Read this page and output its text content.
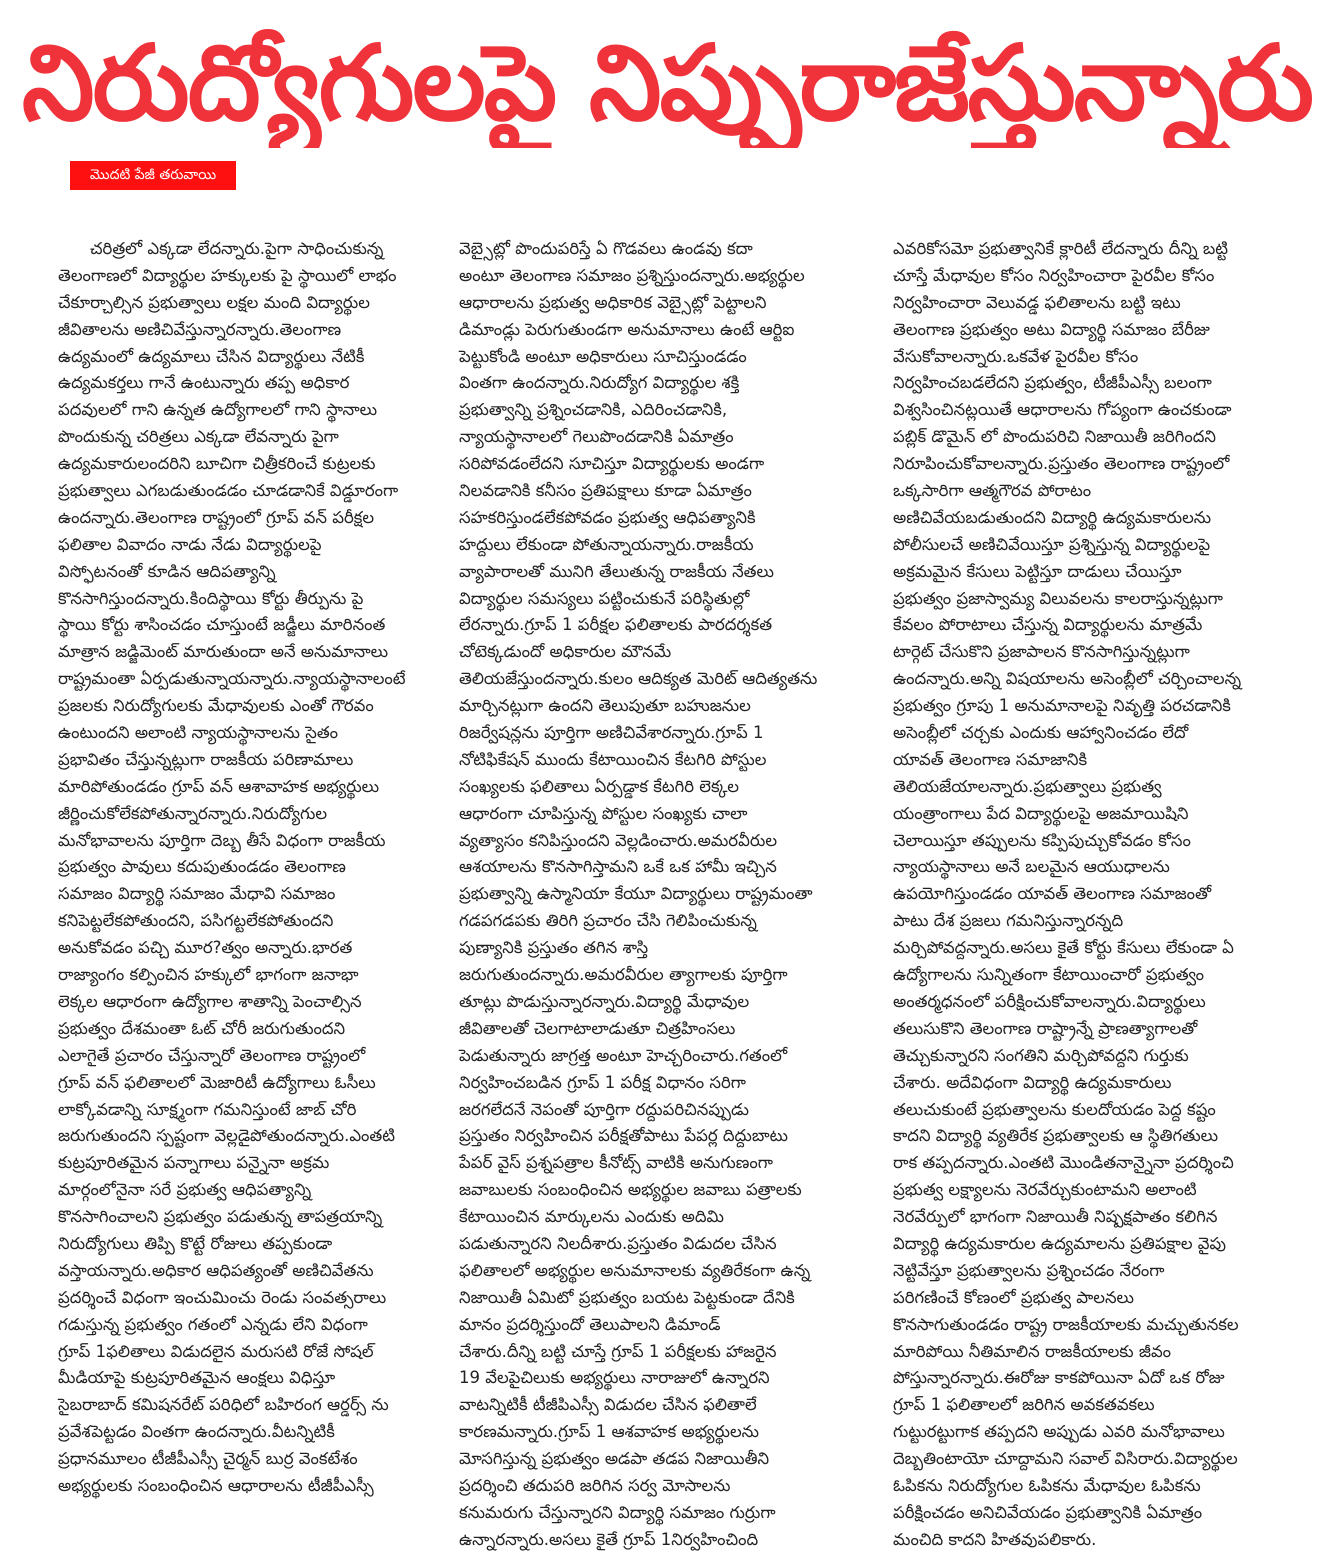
నిరుద్యోగులపై నిప్పురాజేస్తున్నారు
మొదటి పేజీ తరువాయి
చరిత్రలో ఎక్కడా లేదన్నారు.పైగా సాధించుకున్న
తెలంగాణలో విద్యార్థుల హక్కులకు పై స్థాయిలో లాభం
చేకూర్చాల్సిన ప్రభుత్వాలు లక్షల మంది విద్యార్థుల
జీవితాలను అణిచివేస్తున్నారన్నారు.తెలంగాణ
ఉద్యమంలో ఉద్యమాలు చేసిన విద్యార్థులు నేటికీ
ఉద్యమకర్తలు గానే ఉంటున్నారు తప్ప అధికార
పదవులలో గాని ఉన్నత ఉద్యోగాలలో గాని స్థానాలు
పొందుకున్న చరిత్రలు ఎక్కడా లేవన్నారు పైగా
ఉద్యమకారులందరిని బూచిగా చిత్రీకరించే కుట్రలకు
ప్రభుత్వాలు ఎగబడుతుండడం చూడడానికే విడ్డూరంగా
ఉందన్నారు.తెలంగాణ రాష్ట్రంలో గ్రూప్ వన్ పరీక్షల
ఫలితాల వివాదం నాడు నేడు విద్యార్థులపై
విస్ఫోటనంతో కూడిన ఆదిపత్యాన్ని
కొనసాగిస్తుందన్నారు.కిందిస్థాయి కోర్టు తీర్పును పై
స్థాయి కోర్టు శాసించడం చూస్తుంటే జడ్జీలు మారినంత
మాత్రాన జడ్జిమెంట్ మారుతుందా అనే అనుమానాలు
రాష్ట్రమంతా ఏర్పడుతున్నాయన్నారు.న్యాయస్థానాలంటే
ప్రజలకు నిరుద్యోగులకు మేధావులకు ఎంతో గౌరవం
ఉంటుందని అలాంటి న్యాయస్థానాలను సైతం
ప్రభావితం చేస్తున్నట్లుగా రాజకీయ పరిణామాలు
మారిపోతుండడం గ్రూప్ వన్ ఆశావాహక అభ్యర్థులు
జీర్ణించుకోలేకపోతున్నారన్నారు.నిరుద్యోగుల
మనోభావాలను పూర్తిగా దెబ్బ తీసే విధంగా రాజకీయ
ప్రభుత్వం పావులు కదుపుతుండడం తెలంగాణ
సమాజం విద్యార్థి సమాజం మేధావి సమాజం
కనిపెట్టలేకపోతుందని, పసిగట్టలేకపోతుందని
అనుకోవడం పచ్చి మూర?త్వం అన్నారు.భారత
రాజ్యాంగం కల్పించిన హక్కులో భాగంగా జనాభా
లెక్కల ఆధారంగా ఉద్యోగాల శాతాన్ని పెంచాల్సిన
ప్రభుత్వం దేశమంతా ఓట్ చోరీ జరుగుతుందని
ఎలాగైతే ప్రచారం చేస్తున్నారో తెలంగాణ రాష్ట్రంలో
గ్రూప్ వన్ ఫలితాలలో మెజారిటీ ఉద్యోగాలు ఓసీలు
లాక్కోవడాన్ని సూక్ష్మంగా గమనిస్తుంటే జాబ్ చోరి
జరుగుతుందని స్పష్టంగా వెల్లడైపోతుందన్నారు.ఎంతటి
కుట్రపూరితమైన పన్నాగాలు పన్నైనా అక్రమ
మార్గంలోనైనా సరే ప్రభుత్వ ఆధిపత్యాన్ని
కొనసాగించాలని ప్రభుత్వం పడుతున్న తాపత్రయాన్ని
నిరుద్యోగులు తిప్పి కొట్టే రోజులు తప్పకుండా
వస్తాయన్నారు.అధికార ఆధిపత్యంతో అణిచివేతను
ప్రదర్శించే విధంగా ఇంచుమించు రెండు సంవత్సరాలు
గడుస్తున్న ప్రభుత్వం గతంలో ఎన్నడు లేని విధంగా
గ్రూప్ 1ఫలితాలు విడుదలైన మరుసటి రోజే సోషల్
మీడియాపై కుట్రపూరితమైన ఆంక్షలు విధిస్తూ
సైబరాబాద్ కమిషనరేట్ పరిధిలో బహిరంగ ఆర్డర్స్ ను
ప్రవేశపెట్టడం వింతగా ఉందన్నారు.వీటన్నిటికీ
ప్రధానమూలం టీజీపీఎస్సీ చైర్మన్ బుర్ర వెంకటేశం
అభ్యర్థులకు సంబంధించిన ఆధారాలను టీజీపీఎస్సీ
వెబ్సైట్లో పొందుపరిస్తే ఏ గొడవలు ఉండవు కదా
అంటూ తెలంగాణ సమాజం ప్రశ్నిస్తుందన్నారు.అభ్యర్థుల
ఆధారాలను ప్రభుత్వ అధికారిక వెబ్సైట్లో పెట్టాలని
డిమాండ్లు పెరుగుతుండగా అనుమానాలు ఉంటే ఆర్టిఐ
పెట్టుకోండి అంటూ అధికారులు సూచిస్తుండడం
వింతగా ఉందన్నారు.నిరుద్యోగ విద్యార్థుల శక్తి
ప్రభుత్వాన్ని ప్రశ్నించడానికి, ఎదిరించడానికి,
న్యాయస్థానాలలో గెలుపొందడానికి ఏమాత్రం
సరిపోవడంలేదని సూచిస్తూ విద్యార్థులకు అండగా
నిలవడానికి కనీసం ప్రతిపక్షాలు కూడా ఏమాత్రం
సహకరిస్తుండలేకపోవడం ప్రభుత్వ ఆధిపత్యానికి
హద్దులు లేకుండా పోతున్నాయన్నారు.రాజకీయ
వ్యాపారాలతో మునిగి తేలుతున్న రాజకీయ నేతలు
విద్యార్థుల సమస్యలు పట్టించుకునే పరిస్థితుల్లో
లేరన్నారు.గ్రూప్ 1 పరీక్షల ఫలితాలకు పారదర్శకత
చోటెక్కడుందో అధికారుల మౌనమే
తెలియజేస్తుందన్నారు.కులం ఆదిక్యత మెరిట్ ఆదిత్యతను
మార్చినట్లుగా ఉందని తెలుపుతూ బహుజనుల
రిజర్వేషన్లను పూర్తిగా అణిచివేశారన్నారు.గ్రూప్ 1
నోటిఫికేషన్ ముందు కేటాయించిన కేటగిరి పోస్టుల
సంఖ్యలకు ఫలితాలు ఏర్పడ్డాక కేటగిరి లెక్కల
ఆధారంగా చూపిస్తున్న పోస్టుల సంఖ్యకు చాలా
వ్యత్యాసం కనిపిస్తుందని వెల్లడించారు.అమరవీరుల
ఆశయాలను కొనసాగిస్తామని ఒకే ఒక హామీ ఇచ్చిన
ప్రభుత్వాన్ని ఉస్మానియా కేయూ విద్యార్థులు రాష్ట్రమంతా
గడపగడపకు తిరిగి ప్రచారం చేసి గెలిపించుకున్న
పుణ్యానికి ప్రస్తుతం తగిన శాస్తి
జరుగుతుందన్నారు.అమరవీరుల త్యాగాలకు పూర్తిగా
తూట్లు పొడుస్తున్నారన్నారు.విద్యార్థి మేధావుల
జీవితాలతో చెలగాటాలాడుతూ చిత్రహింసలు
పెడుతున్నారు జాగ్రత్త అంటూ హెచ్చరించారు.గతంలో
నిర్వహించబడిన గ్రూప్ 1 పరీక్ష విధానం సరిగా
జరగలేదనే నెపంతో పూర్తిగా రద్దుపరిచినప్పుడు
ప్రస్తుతం నిర్వహించిన పరీక్షతోపాటు పేపర్ల దిద్దుబాటు
పేపర్ వైస్ ప్రశ్నపత్రాల కీనోట్స్ వాటికి అనుగుణంగా
జవాబులకు సంబంధించిన అభ్యర్థుల జవాబు పత్రాలకు
కేటాయించిన మార్కులను ఎందుకు అదిమి
పడుతున్నారని నిలదీశారు.ప్రస్తుతం విడుదల చేసిన
ఫలితాలలో అభ్యర్థుల అనుమానాలకు వ్యతిరేకంగా ఉన్న
నిజాయితీ ఏమిటో ప్రభుత్వం బయట పెట్టకుండా దేనికి
మానం ప్రదర్శిస్తుందో తెలుపాలని డిమాండ్
చేశారు.దీన్ని బట్టి చూస్తే గ్రూప్ 1 పరీక్షలకు హాజరైన
19 వేలపైచిలుకు అభ్యర్థులు నారాజులో ఉన్నారని
వాటన్నిటికీ టీజీపిఎస్సీ విడుదల చేసిన ఫలితాలే
కారణమన్నారు.గ్రూప్ 1 ఆశవాహక అభ్యర్థులను
మోసగిస్తున్న ప్రభుత్వం అడపా తడప నిజాయితీని
ప్రదర్శించి తదుపరి జరిగిన సర్వ మోసాలను
కనుమరుగు చేస్తున్నారని విద్యార్థి సమాజం గుర్రుగా
ఉన్నారన్నారు.అసలు కైతే గ్రూప్ 1నిర్వహించింది
ఎవరికోసమో ప్రభుత్వానికే క్లారిటీ లేదన్నారు దీన్ని బట్టి
చూస్తే మేధావుల కోసం నిర్వహించారా పైరవీల కోసం
నిర్వహించారా వెలువడ్డ ఫలితాలను బట్టి ఇటు
తెలంగాణ ప్రభుత్వం అటు విద్యార్థి సమాజం బేరీజు
వేసుకోవాలన్నారు.ఒకవేళ పైరవీల కోసం
నిర్వహించబడలేదని ప్రభుత్వం, టీజీపీఎస్సీ బలంగా
విశ్వసించినట్లయితే ఆధారాలను గోప్యంగా ఉంచకుండా
పబ్లిక్ డొమైన్ లో పొందుపరిచి నిజాయితీ జరిగిందని
నిరూపించుకోవాలన్నారు.ప్రస్తుతం తెలంగాణ రాష్ట్రంలో
ఒక్కసారిగా ఆత్మగౌరవ పోరాటం
అణిచివేయబడుతుందని విద్యార్థి ఉద్యమకారులను
పోలీసులచే అణిచివేయిస్తూ ప్రశ్నిస్తున్న విద్యార్థులపై
అక్రమమైన కేసులు పెట్టిస్తూ దాడులు చేయిస్తూ
ప్రభుత్వం ప్రజాస్వామ్య విలువలను కాలరాస్తున్నట్లుగా
కేవలం పోరాటాలు చేస్తున్న విద్యార్థులను మాత్రమే
టార్గెట్ చేసుకొని ప్రజాపాలన కొనసాగిస్తున్నట్లుగా
ఉందన్నారు.అన్ని విషయాలను అసెంబ్లీలో చర్చించాలన్న
ప్రభుత్వం గ్రూపు 1 అనుమానాలపై నివృత్తి పరచడానికి
అసెంబ్లీలో చర్చకు ఎందుకు ఆహ్వానించడం లేదో
యావత్ తెలంగాణ సమాజానికి
తెలియజేయాలన్నారు.ప్రభుత్వాలు ప్రభుత్వ
యంత్రాంగాలు పేద విద్యార్థులపై అజమాయిషిని
చెలాయిస్తూ తప్పులను కప్పిపుచ్చుకోవడం కోసం
న్యాయస్థానాలు అనే బలమైన ఆయుధాలను
ఉపయోగిస్తుండడం యావత్ తెలంగాణ సమాజంతో
పాటు దేశ ప్రజలు గమనిస్తున్నారన్నది
మర్చిపోవద్దన్నారు.అసలు కైతే కోర్టు కేసులు లేకుండా ఏ
ఉద్యోగాలను సున్నితంగా కేటాయించారో ప్రభుత్వం
అంతర్మధనంలో పరీక్షించుకోవాలన్నారు.విద్యార్థులు
తలుసుకొని తెలంగాణ రాష్ట్రాన్నే ప్రాణత్యాగాలతో
తెచ్చుకున్నారని సంగతిని మర్చిపోవద్దని గుర్తుకు
చేశారు. అదేవిధంగా విద్యార్థి ఉద్యమకారులు
తలుచుకుంటే ప్రభుత్వాలను కులదోయడం పెద్ద కష్టం
కాదని విద్యార్థి వ్యతిరేక ప్రభుత్వాలకు ఆ స్థితిగతులు
రాక తప్పదన్నారు.ఎంతటి మొండితనాన్నైనా ప్రదర్శించి
ప్రభుత్వ లక్ష్యాలను నెరవేర్చుకుంటామని అలాంటి
నెరవేర్పులో భాగంగా నిజాయితీ నిష్పక్షపాతం కలిగిన
విద్యార్థి ఉద్యమకారుల ఉద్యమాలను ప్రతిపక్షాల వైపు
నెట్టివేస్తూ ప్రభుత్వాలను ప్రశ్నించడం నేరంగా
పరిగణించే కోణంలో ప్రభుత్వ పాలనలు
కొనసాగుతుండడం రాష్ట్ర రాజకీయాలకు మచ్చుతునకల
మారిపోయి నీతిమాలిన రాజకీయాలకు జీవం
పోస్తున్నారన్నారు.ఈరోజు కాకపోయినా ఏదో ఒక రోజు
గ్రూప్ 1 ఫలితాలలో జరిగిన అవకతవకలు
గుట్టురట్టుగాక తప్పదని అప్పుడు ఎవరి మనోభావాలు
దెబ్బతింటాయో చూద్దామని సవాల్ విసిరారు.విద్యార్థుల
ఓపికను నిరుద్యోగుల ఓపికను మేధావుల ఓపికను
పరీక్షించడం అనిచివేయడం ప్రభుత్వానికి ఏమాత్రం
మంచిది కాదని హితవుపలికారు.
